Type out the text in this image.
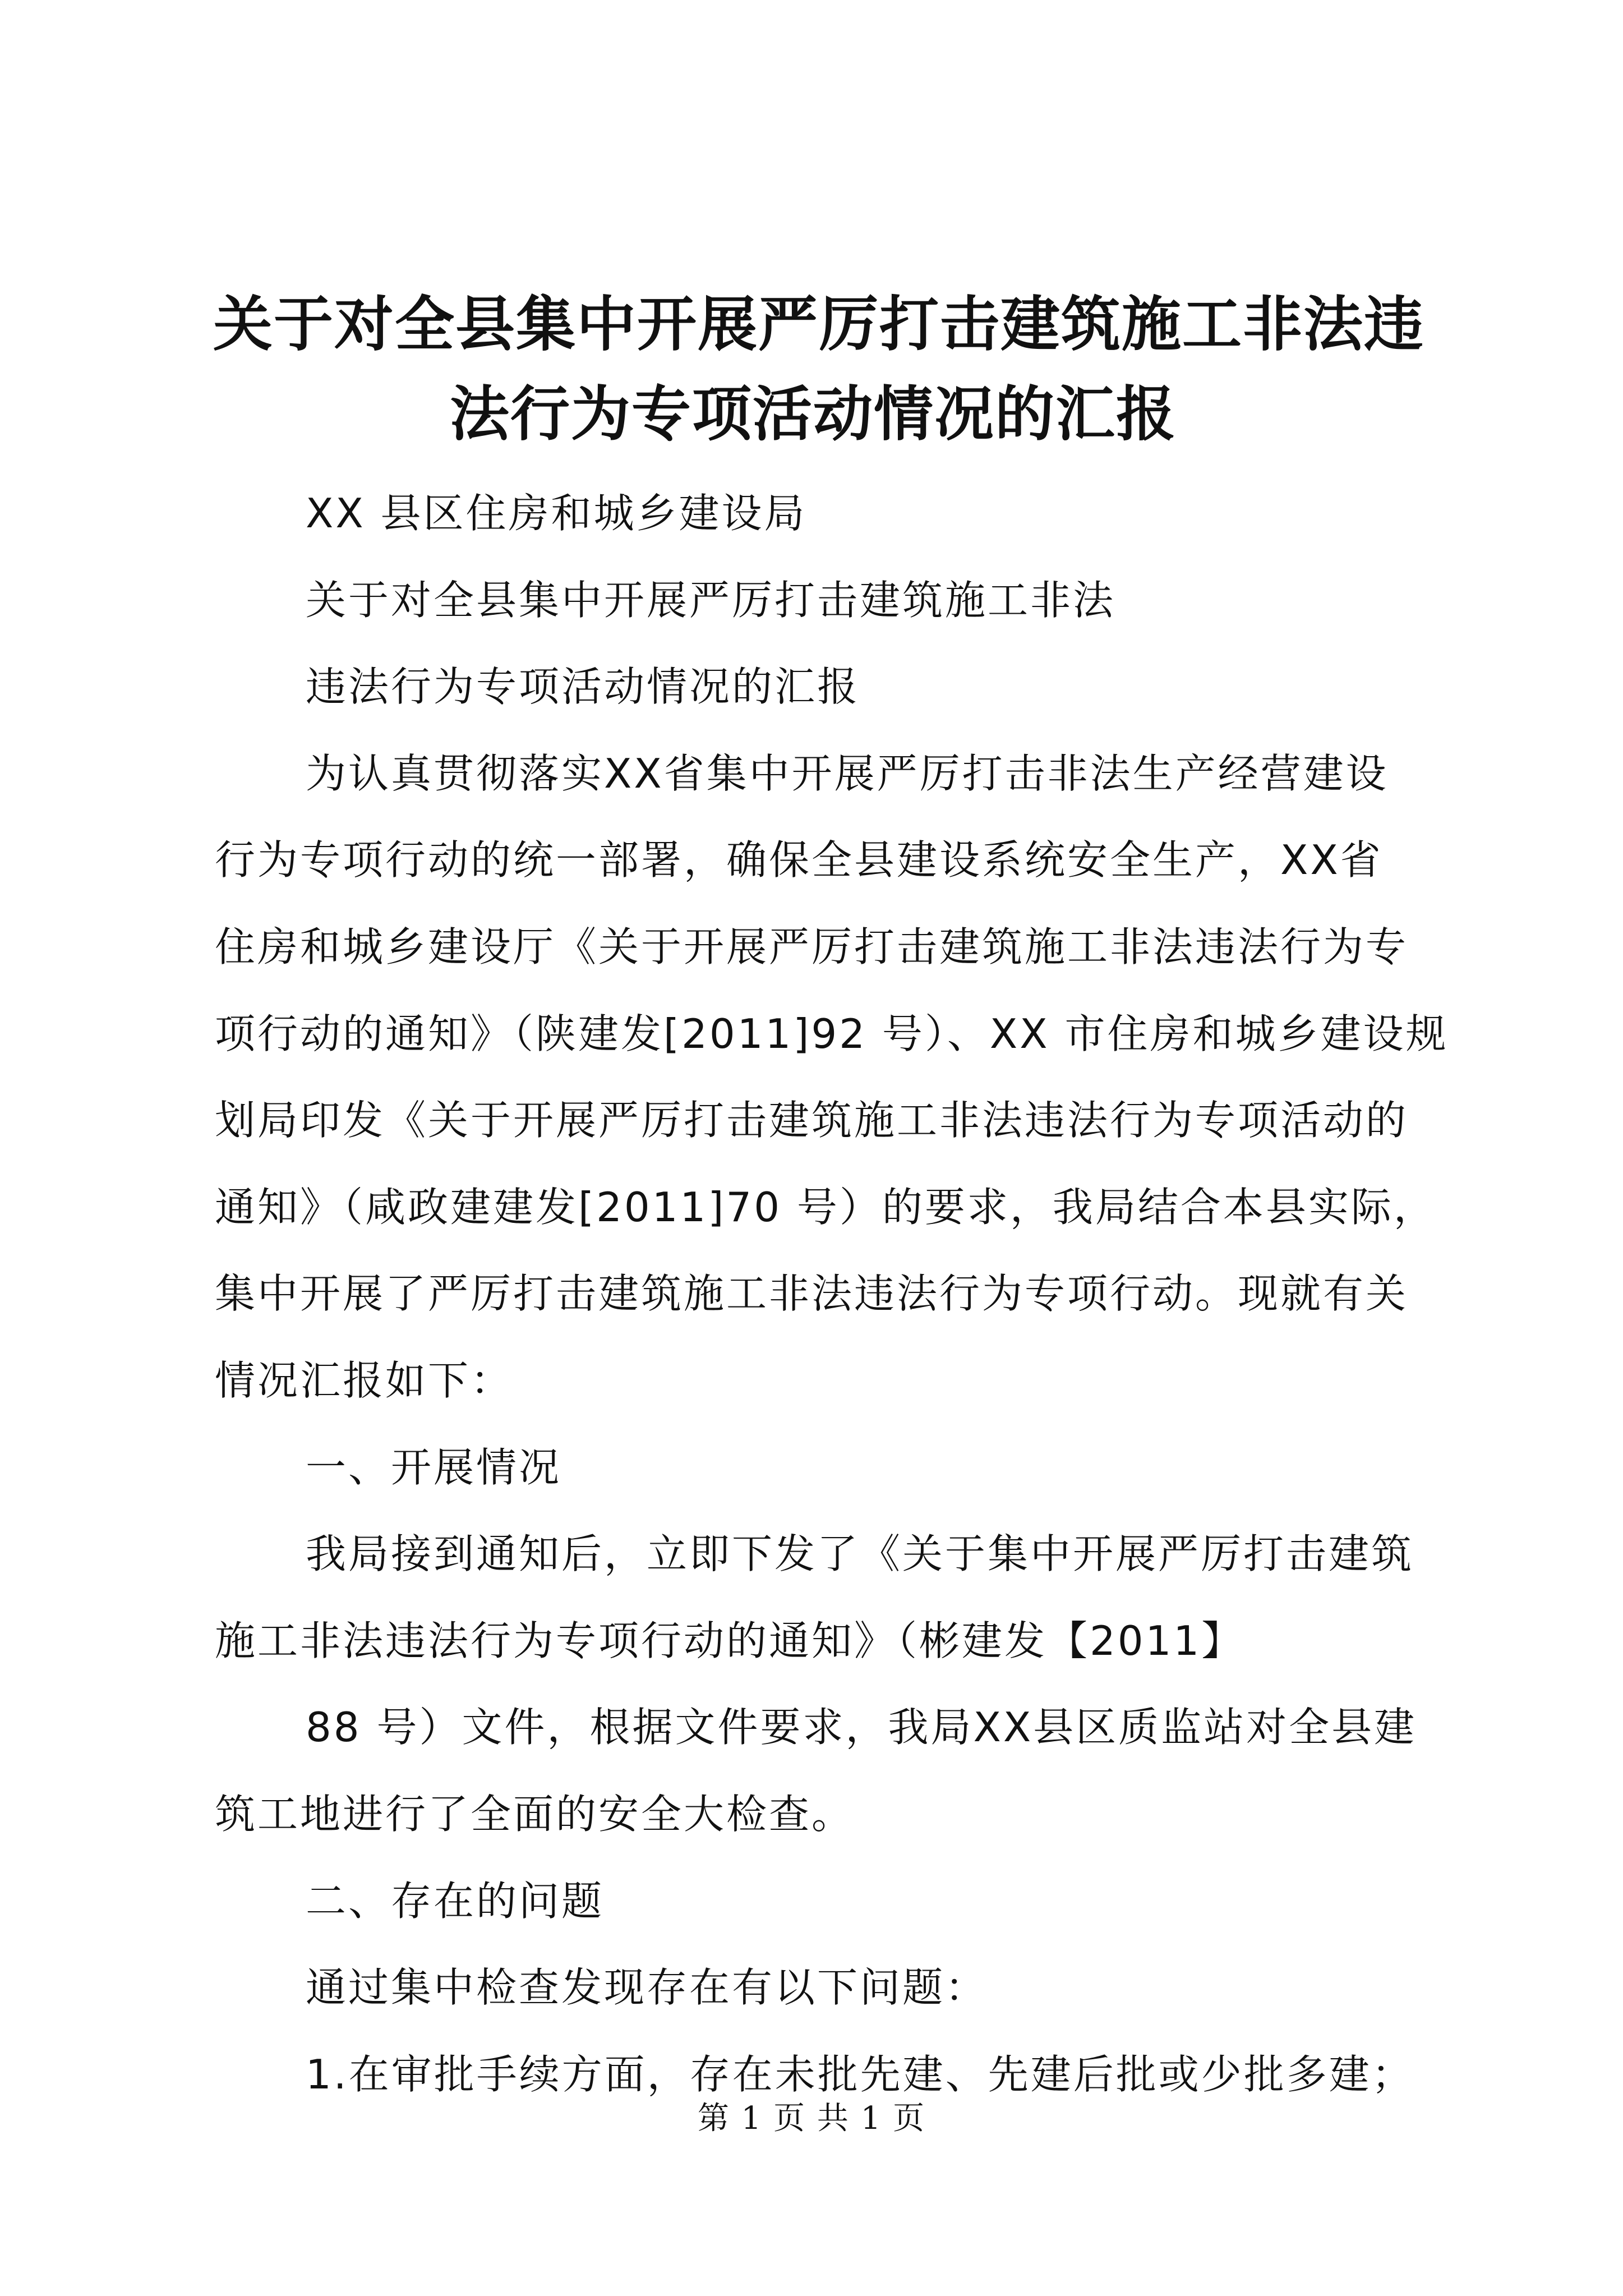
关于对全县集中开展严厉打击建筑施工非法违
法行为专项活动情况的汇报
XX 县区住房和城乡建设局
关于对全县集中开展严厉打击建筑施工非法
违法行为专项活动情况的汇报
为认真贯彻落实XX省集中开展严厉打击非法生产经营建设
行为专项行动的统一部署，确保全县建设系统安全生产，XX省
住房和城乡建设厅《关于开展严厉打击建筑施工非法违法行为专
项行动的通知》（陕建发[2011]92 号）、XX 市住房和城乡建设规
划局印发《关于开展严厉打击建筑施工非法违法行为专项活动的
通知》（咸政建建发[2011]70 号）的要求，我局结合本县实际，
集中开展了严厉打击建筑施工非法违法行为专项行动。现就有关
情况汇报如下：
一、开展情况
我局接到通知后，立即下发了《关于集中开展严厉打击建筑
施工非法违法行为专项行动的通知》（彬建发【2011】
88 号）文件，根据文件要求，我局XX县区质监站对全县建
筑工地进行了全面的安全大检查。
二、存在的问题
通过集中检查发现存在有以下问题：
1.在审批手续方面，存在未批先建、先建后批或少批多建；
第 1 页 共 1 页
